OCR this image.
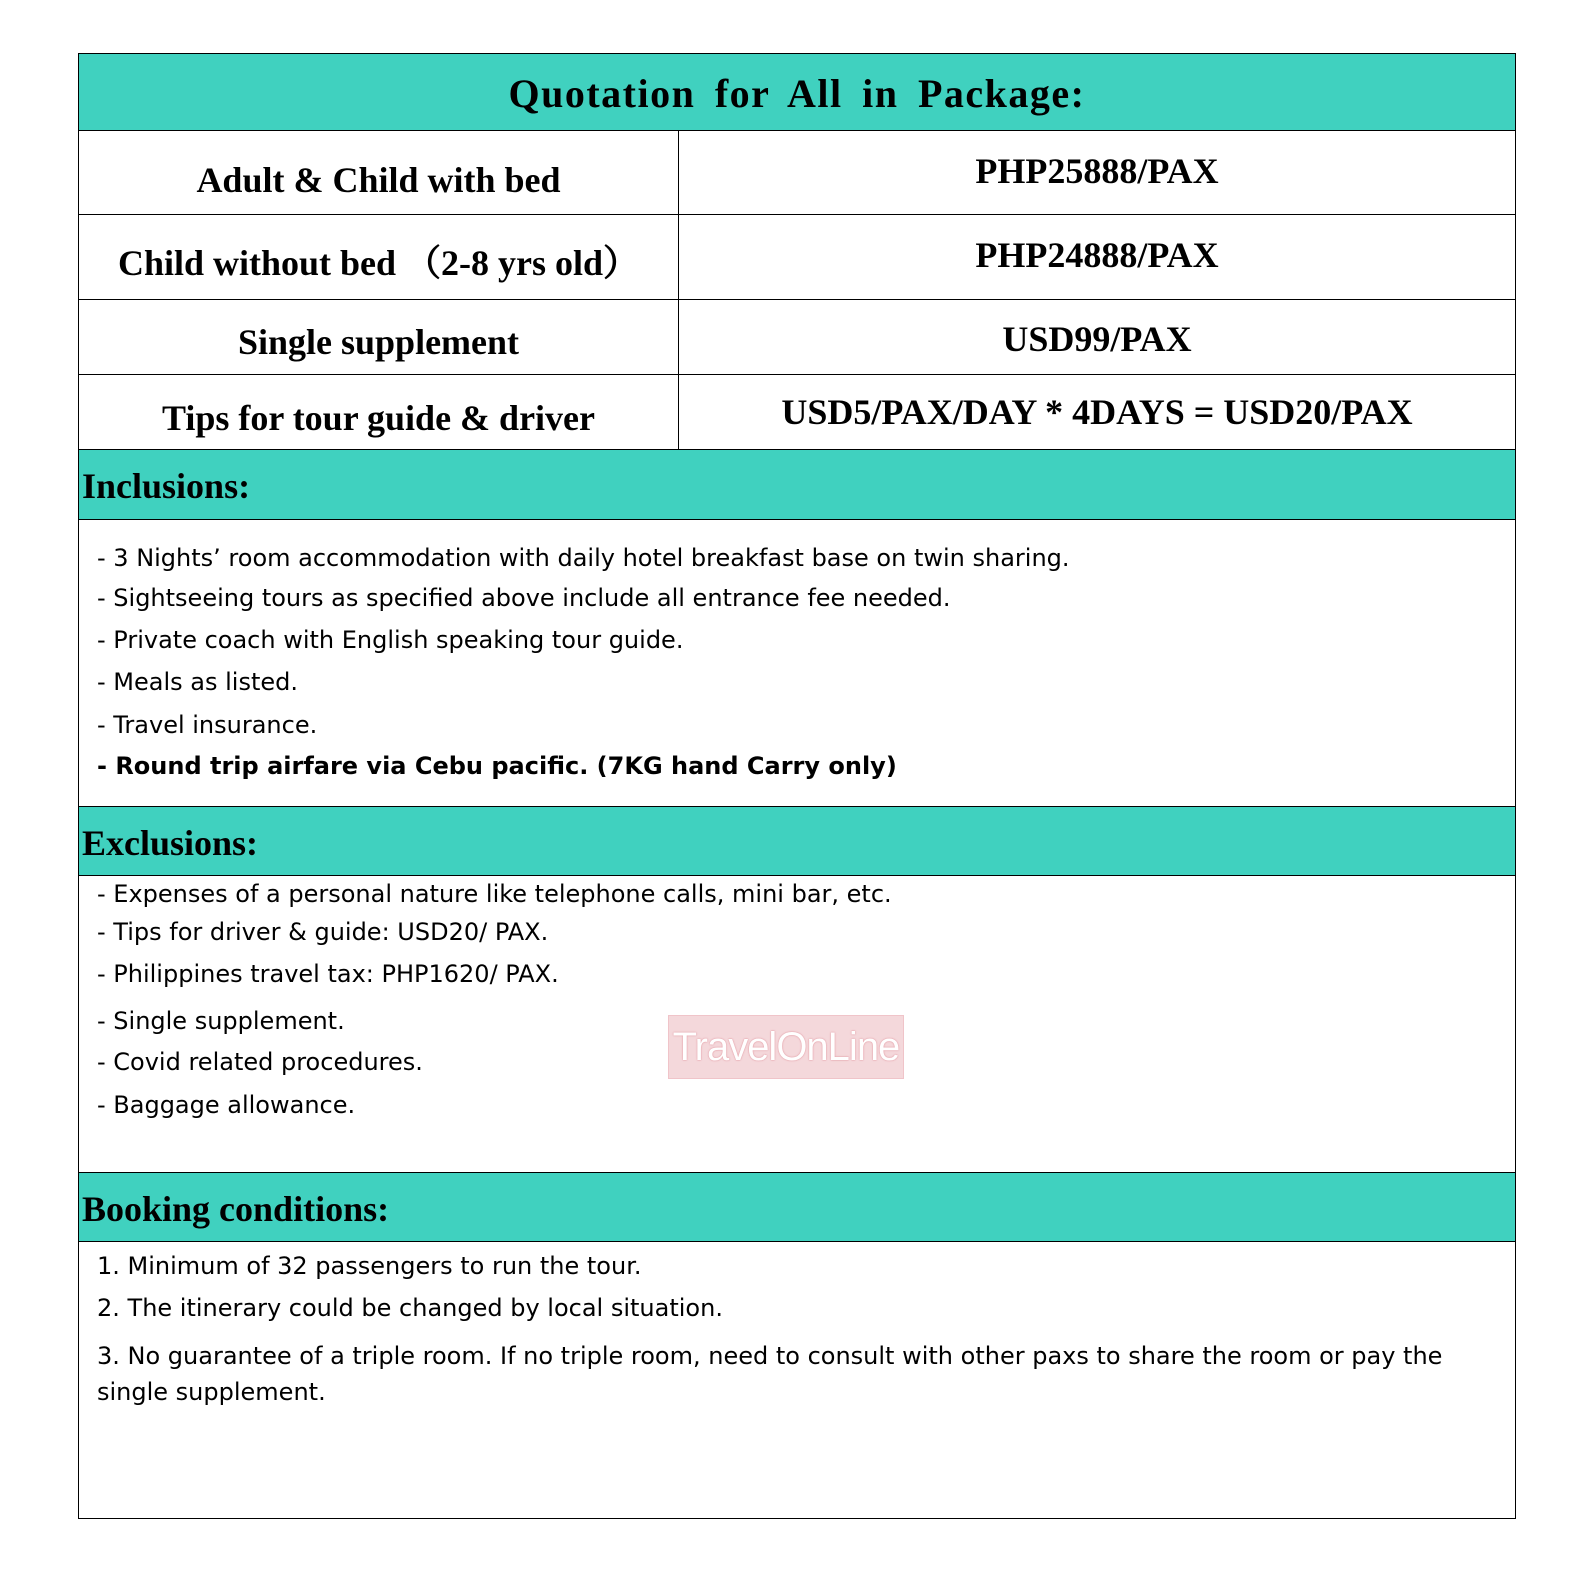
Quotation for All in Package:
Adult & Child with bed	PHP25888/PAX
Child without bed （2-8 yrs old）	PHP24888/PAX
Single supplement	USD99/PAX
Tips for tour guide & driver	USD5/PAX/DAY * 4DAYS = USD20/PAX
Inclusions:
- 3 Nights’ room accommodation with daily hotel breakfast base on twin sharing.
- Sightseeing tours as specified above include all entrance fee needed.
- Private coach with English speaking tour guide.
- Meals as listed.
- Travel insurance.
- Round trip airfare via Cebu pacific. (7KG hand Carry only)
Exclusions:
- Expenses of a personal nature like telephone calls, mini bar, etc.
- Tips for driver & guide: USD20/ PAX.
- Philippines travel tax: PHP1620/ PAX.
- Single supplement.
- Covid related procedures.
- Baggage allowance.
TravelOnLine
Booking conditions:
1. Minimum of 32 passengers to run the tour.
2. The itinerary could be changed by local situation.
3. No guarantee of a triple room. If no triple room, need to consult with other paxs to share the room or pay the single supplement.
